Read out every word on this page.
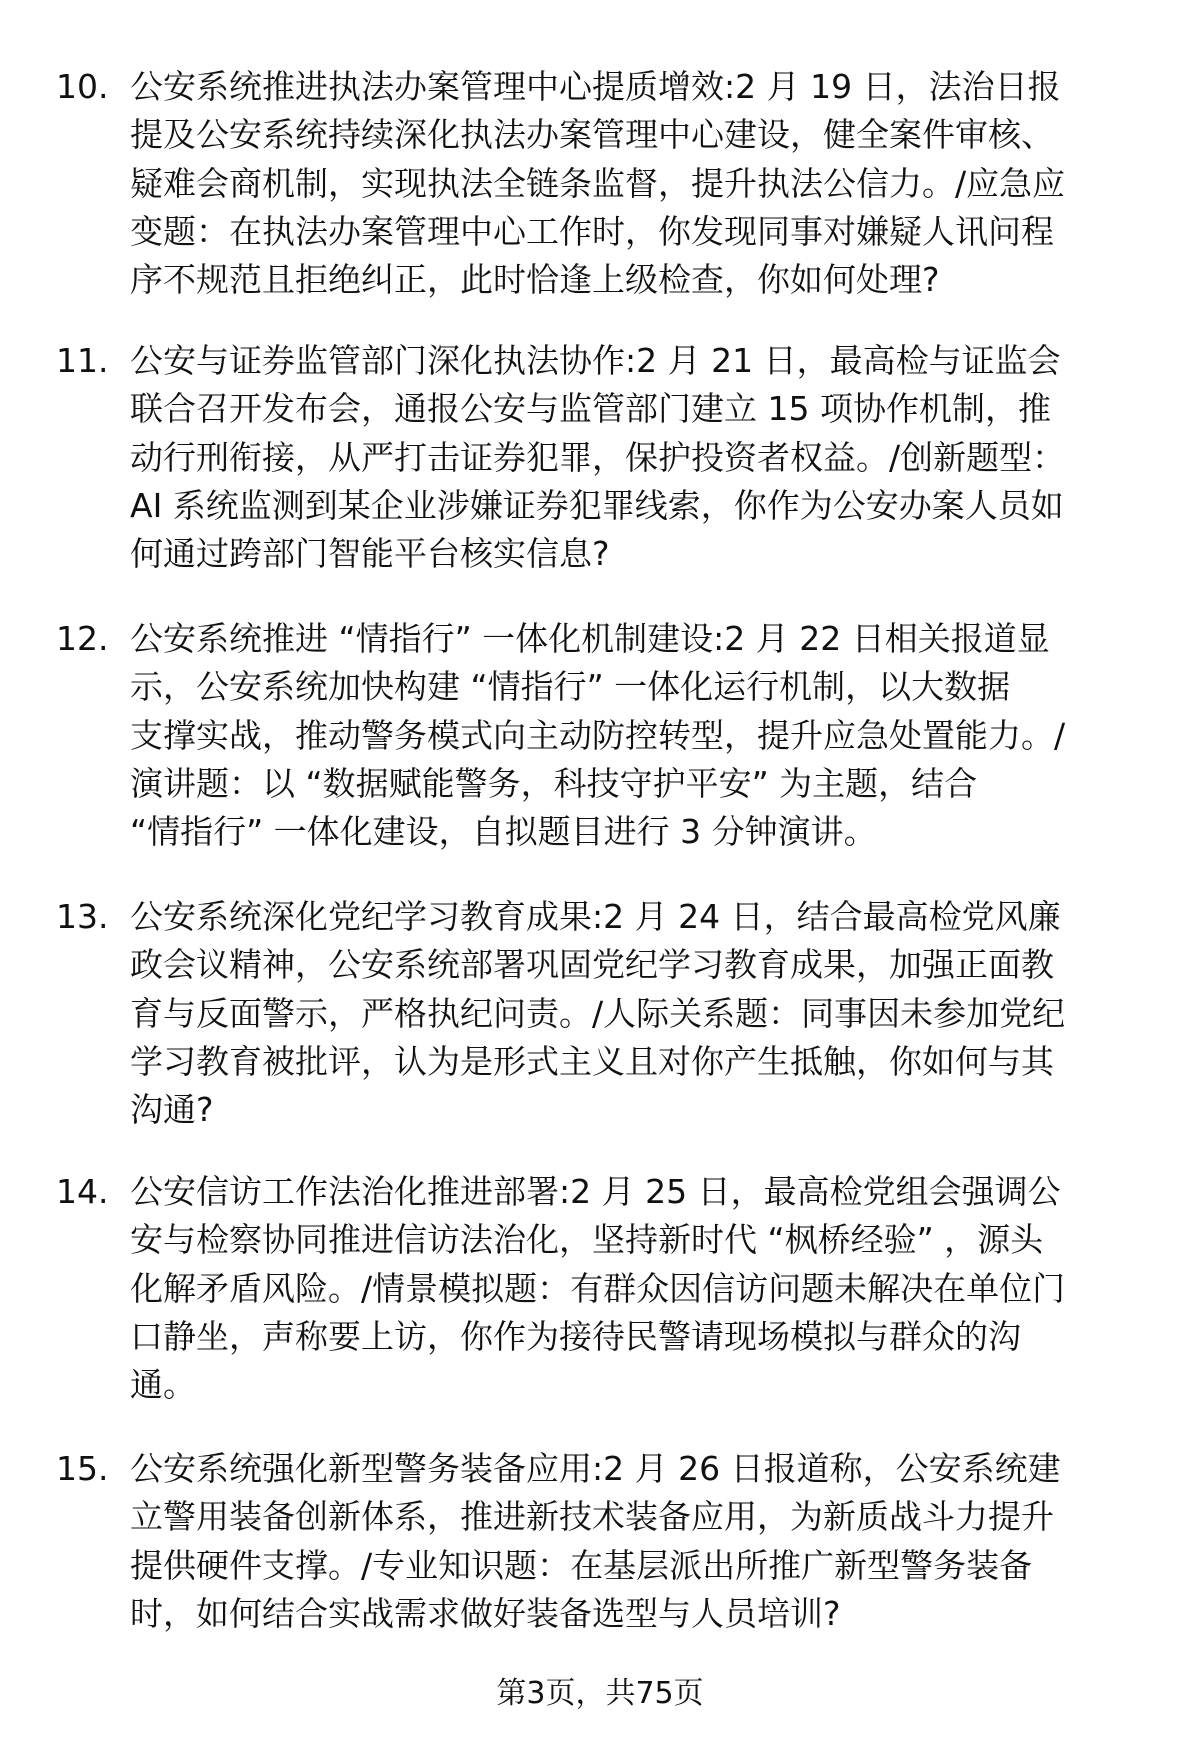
10. 公安系统推进执法办案管理中心提质增效:2 月 19 日，法治日报
提及公安系统持续深化执法办案管理中心建设，健全案件审核、
疑难会商机制，实现执法全链条监督，提升执法公信力。/应急应
变题：在执法办案管理中心工作时，你发现同事对嫌疑人讯问程
序不规范且拒绝纠正，此时恰逢上级检查，你如何处理?
11. 公安与证券监管部门深化执法协作:2 月 21 日，最高检与证监会
联合召开发布会，通报公安与监管部门建立 15 项协作机制，推
动行刑衔接，从严打击证券犯罪，保护投资者权益。/创新题型：
AI 系统监测到某企业涉嫌证券犯罪线索，你作为公安办案人员如
何通过跨部门智能平台核实信息?
12. 公安系统推进 “情指行” 一体化机制建设:2 月 22 日相关报道显
示，公安系统加快构建 “情指行” 一体化运行机制，以大数据
支撑实战，推动警务模式向主动防控转型，提升应急处置能力。/
演讲题：以 “数据赋能警务，科技守护平安” 为主题，结合
“情指行” 一体化建设，自拟题目进行 3 分钟演讲。
13. 公安系统深化党纪学习教育成果:2 月 24 日，结合最高检党风廉
政会议精神，公安系统部署巩固党纪学习教育成果，加强正面教
育与反面警示，严格执纪问责。/人际关系题：同事因未参加党纪
学习教育被批评，认为是形式主义且对你产生抵触，你如何与其
沟通?
14. 公安信访工作法治化推进部署:2 月 25 日，最高检党组会强调公
安与检察协同推进信访法治化，坚持新时代 “枫桥经验” ，源头
化解矛盾风险。/情景模拟题：有群众因信访问题未解决在单位门
口静坐，声称要上访，你作为接待民警请现场模拟与群众的沟
通。
15. 公安系统强化新型警务装备应用:2 月 26 日报道称，公安系统建
立警用装备创新体系，推进新技术装备应用，为新质战斗力提升
提供硬件支撑。/专业知识题：在基层派出所推广新型警务装备
时，如何结合实战需求做好装备选型与人员培训?
第3页，共75页
